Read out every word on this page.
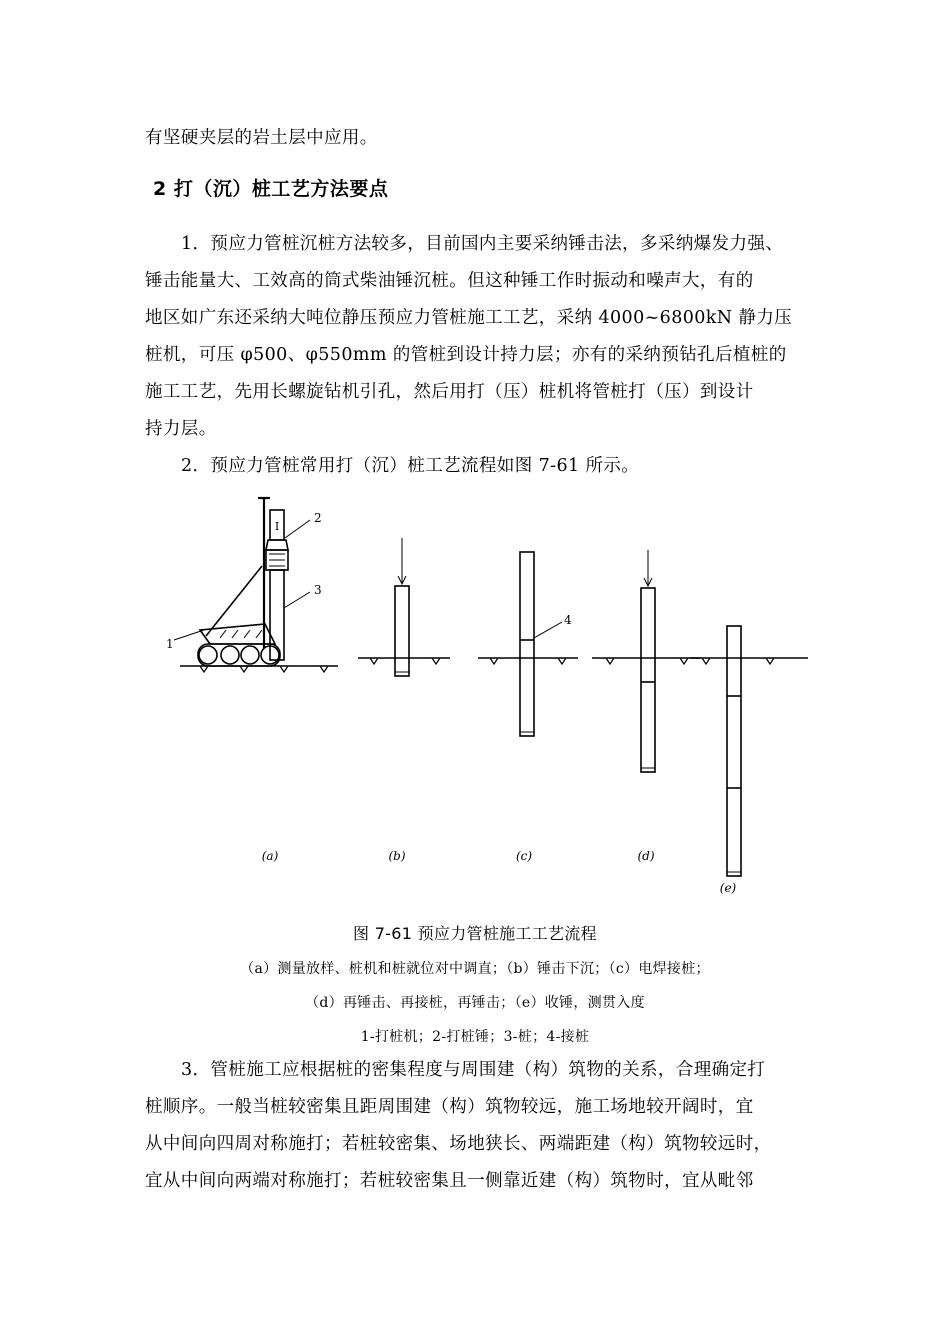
有坚硬夹层的岩土层中应用。

2 打（沉）桩工艺方法要点

1．预应力管桩沉桩方法较多，目前国内主要采纳锤击法，多采纳爆发力强、
锤击能量大、工效高的筒式柴油锤沉桩。但这种锤工作时振动和噪声大，有的
地区如广东还采纳大吨位静压预应力管桩施工工艺，采纳 4000~6800kN 静力压
桩机，可压 φ500、φ550mm 的管桩到设计持力层；亦有的采纳预钻孔后植桩的
施工工艺，先用长螺旋钻机引孔，然后用打（压）桩机将管桩打（压）到设计
持力层。

2．预应力管桩常用打（沉）桩工艺流程如图 7-61 所示。

I
2
3
1
4
(a)	(b)	(c)	(d)
(e)
图 7-61 预应力管桩施工工艺流程
（a）测量放样、桩机和桩就位对中调直；（b）锤击下沉；（c）电焊接桩；
（d）再锤击、再接桩，再锤击；（e）收锤，测贯入度
1-打桩机；2-打桩锤；3-桩；4-接桩

3．管桩施工应根据桩的密集程度与周围建（构）筑物的关系，合理确定打
桩顺序。一般当桩较密集且距周围建（构）筑物较远，施工场地较开阔时，宜
从中间向四周对称施打；若桩较密集、场地狭长、两端距建（构）筑物较远时，
宜从中间向两端对称施打；若桩较密集且一侧靠近建（构）筑物时，宜从毗邻
